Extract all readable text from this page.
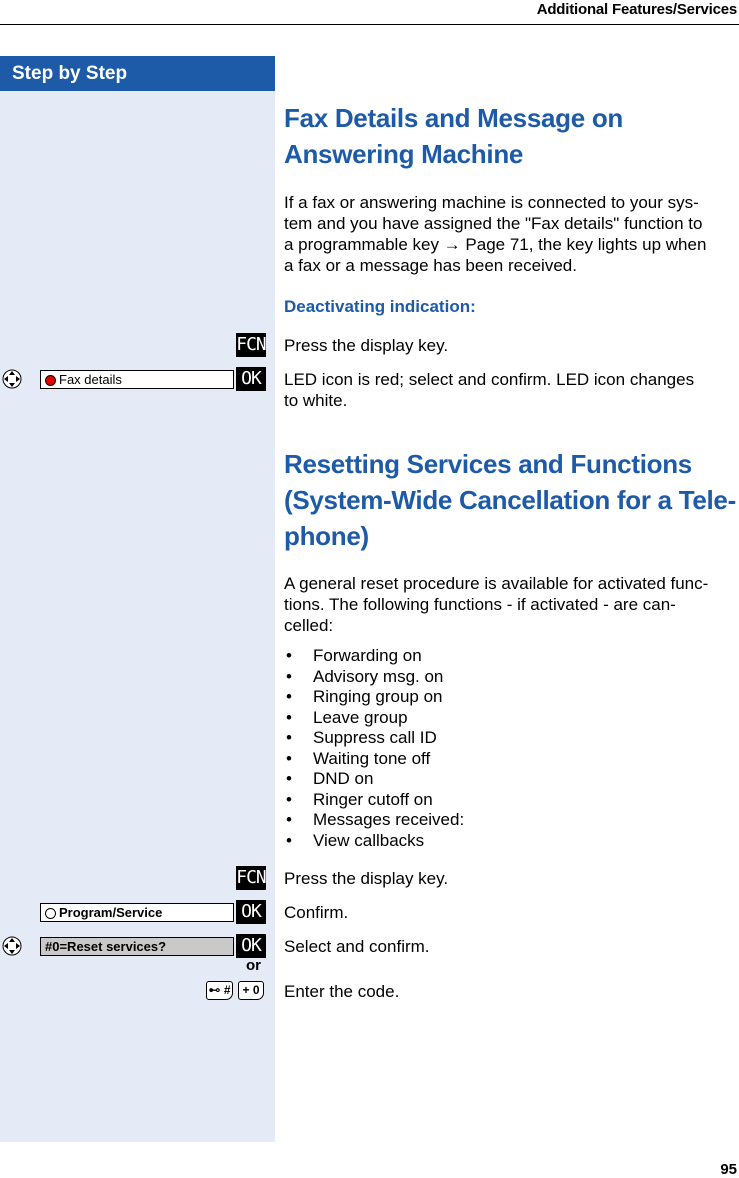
Additional Features/Services
Step by Step
Fax Details and Message on
Answering Machine
If a fax or answering machine is connected to your sys-
tem and you have assigned the "Fax details" function to
a programmable key → Page 71, the key lights up when
a fax or a message has been received.
Deactivating indication:
FCN Press the display key.
Fax details	OK	LED icon is red; select and confirm. LED icon changes
to white.
Resetting Services and Functions
(System-Wide Cancellation for a Tele-
phone)
A general reset procedure is available for activated func-
tions. The following functions - if activated - are can-
celled:
• Forwarding on
• Advisory msg. on
• Ringing group on
• Leave group
• Suppress call ID
• Waiting tone off
• DND on
• Ringer cutoff on
• Messages received:
• View callbacks
FCN Press the display key.
Program/Service	OK	Confirm.
#0=Reset services?	OK	Select and confirm.
or
⊷ # + 0 Enter the code.
95
